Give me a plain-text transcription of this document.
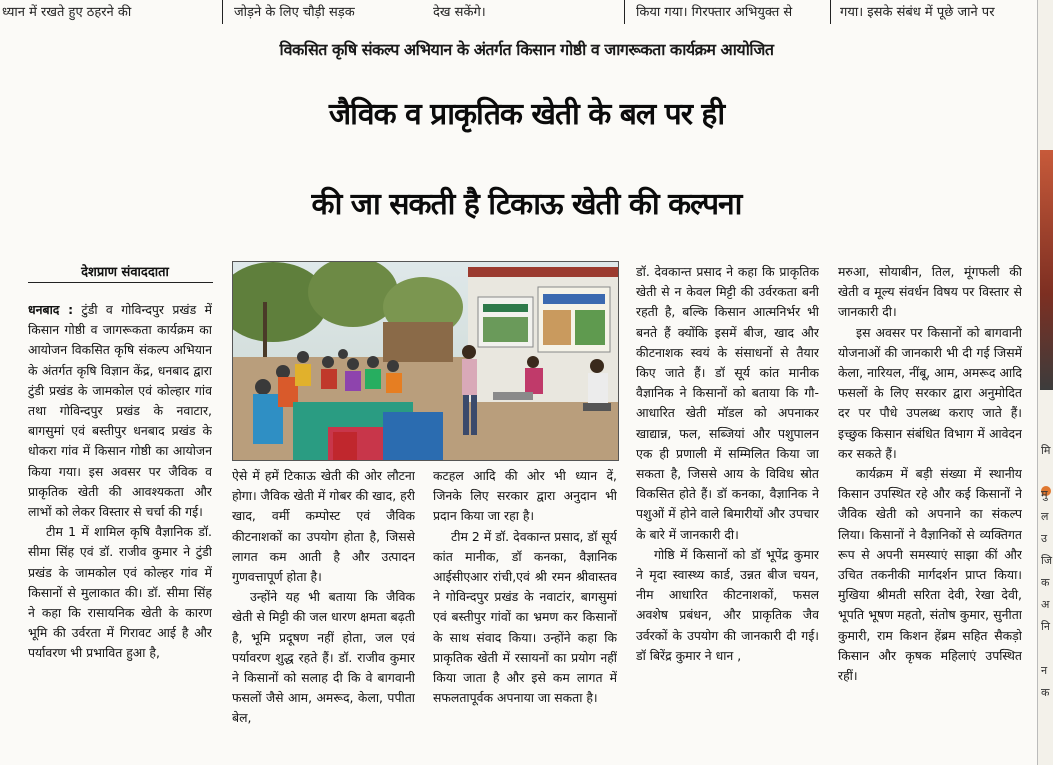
ध्यान में रखते हुए ठहरने की	जोड़ने के लिए चौड़ी सड़क	देख सकेंगे।	किया गया। गिरफ्तार अभियुक्त से	गया। इसके संबंध में पूछे जाने पर
विकसित कृषि संकल्प अभियान के अंतर्गत किसान गोष्ठी व जागरूकता कार्यक्रम आयोजित
जैविक व प्राकृतिक खेती के बल पर ही
की जा सकती है टिकाऊ खेती की कल्पना
देशप्राण संवाददाता

धनबाद : टुंडी व गोविन्दपुर प्रखंड में किसान गोष्ठी व जागरूकता कार्यक्रम का आयोजन विकसित कृषि संकल्प अभियान के अंतर्गत कृषि विज्ञान केंद्र, धनबाद द्वारा टुंडी प्रखंड के जामकोल एवं कोल्हार गांव तथा गोविन्दपुर प्रखंड के नवाटार, बागसुमां एवं बस्तीपुर धनबाद प्रखंड के धोकरा गांव में किसान गोष्ठी का आयोजन किया गया। इस अवसर पर जैविक व प्राकृतिक खेती की आवश्यकता और लाभों को लेकर विस्तार से चर्चा की गई।

टीम 1 में शामिल कृषि वैज्ञानिक डॉ. सीमा सिंह एवं डॉ. राजीव कुमार ने टुंडी प्रखंड के जामकोल एवं कोल्हर गांव में किसानों से मुलाकात की। डॉ. सीमा सिंह ने कहा कि रासायनिक खेती के कारण भूमि की उर्वरता में गिरावट आई है और पर्यावरण भी प्रभावित हुआ है,

ऐसे में हमें टिकाऊ खेती की ओर लौटना होगा। जैविक खेती में गोबर की खाद, हरी खाद, वर्मी कम्पोस्ट एवं जैविक कीटनाशकों का उपयोग होता है, जिससे लागत कम आती है और उत्पादन गुणवत्तापूर्ण होता है।

उन्होंने यह भी बताया कि जैविक खेती से मिट्टी की जल धारण क्षमता बढ़ती है, भूमि प्रदूषण नहीं होता, जल एवं पर्यावरण शुद्ध रहते हैं। डॉ. राजीव कुमार ने किसानों को सलाह दी कि वे बागवानी फसलों जैसे आम, अमरूद, केला, पपीता बेल,

कटहल आदि की ओर भी ध्यान दें, जिनके लिए सरकार द्वारा अनुदान भी प्रदान किया जा रहा है।

टीम 2 में डॉ. देवकान्त प्रसाद, डॉ सूर्य कांत मानीक, डॉ कनका, वैज्ञानिक आईसीएआर रांची,एवं श्री रमन श्रीवास्तव ने गोविन्दपुर प्रखंड के नवाटांर, बागसुमां एवं बस्तीपुर गांवों का भ्रमण कर किसानों के साथ संवाद किया। उन्होंने कहा कि प्राकृतिक खेती में रसायनों का प्रयोग नहीं किया जाता है और इसे कम लागत में सफलतापूर्वक अपनाया जा सकता है।

डॉ. देवकान्त प्रसाद ने कहा कि प्राकृतिक खेती से न केवल मिट्टी की उर्वरकता बनी रहती है, बल्कि किसान आत्मनिर्भर भी बनते हैं क्योंकि इसमें बीज, खाद और कीटनाशक स्वयं के संसाधनों से तैयार किए जाते हैं। डॉ सूर्य कांत मानीक वैज्ञानिक ने किसानों को बताया कि गौ-आधारित खेती मॉडल को अपनाकर खाद्यान्न, फल, सब्जियां और पशुपालन एक ही प्रणाली में सम्मिलित किया जा सकता है, जिससे आय के विविध स्रोत विकसित होते हैं। डॉ कनका, वैज्ञानिक ने पशुओं में होने वाले बिमारीयों और उपचार के बारे में जानकारी दी।

गोष्ठि में किसानों को डॉ भूपेंद्र कुमार ने मृदा स्वास्थ्य कार्ड, उन्नत बीज चयन, नीम आधारित कीटनाशकों, फसल अवशेष प्रबंधन, और प्राकृतिक जैव उर्वरकों के उपयोग की जानकारी दी गई। डॉ बिरेंद्र कुमार ने धान ,

मरुआ, सोयाबीन, तिल, मूंगफली की खेती व मूल्य संवर्धन विषय पर विस्तार से जानकारी दी।

इस अवसर पर किसानों को बागवानी योजनाओं की जानकारी भी दी गई जिसमें केला, नारियल, नींबू, आम, अमरूद आदि फसलों के लिए सरकार द्वारा अनुमोदित दर पर पौधे उपलब्ध कराए जाते हैं। इच्छुक किसान संबंधित विभाग में आवेदन कर सकते हैं।

कार्यक्रम में बड़ी संख्या में स्थानीय किसान उपस्थित रहे और कई किसानों ने जैविक खेती को अपनाने का संकल्प लिया। किसानों ने वैज्ञानिकों से व्यक्तिगत रूप से अपनी समस्याएं साझा कीं और उचित तकनीकी मार्गदर्शन प्राप्त किया। मुखिया श्रीमती सरिता देवी, रेखा देवी, भूपति भूषण महतो, संतोष कुमार, सुनीता कुमारी, राम किशन हेंब्रम सहित सैकड़ो किसान और कृषक महिलाएं उपस्थित रहीं।

मि
मु
ल
उ
जि
क
अ
नि
न
क
